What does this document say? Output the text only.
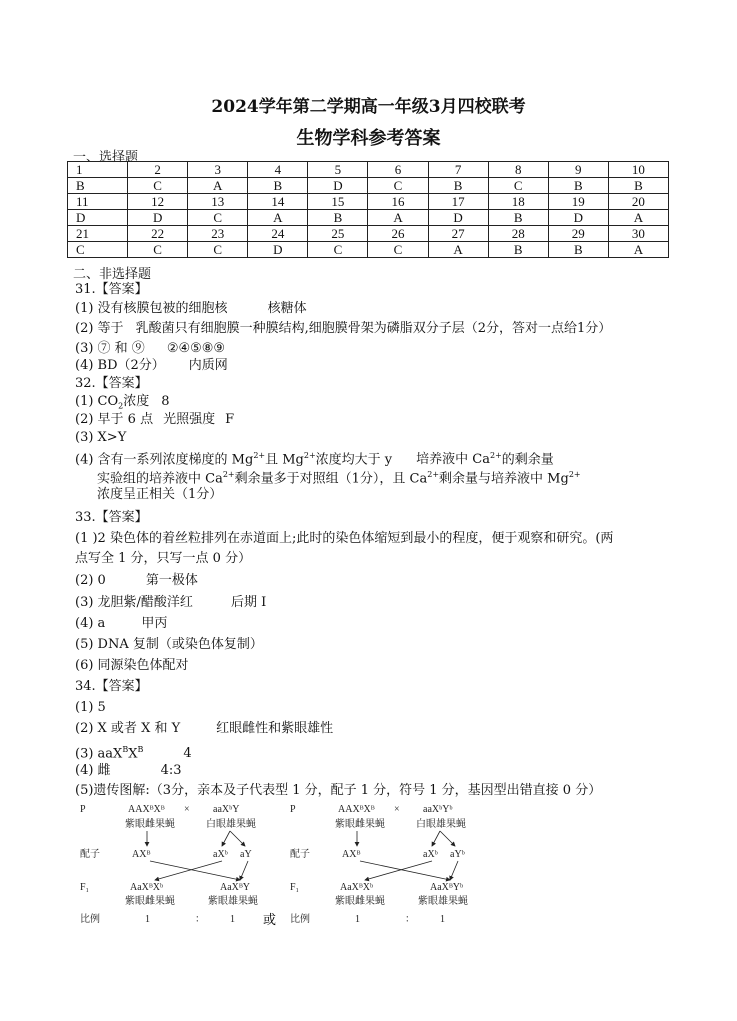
2024学年第二学期高一年级3月四校联考
生物学科参考答案
一、选择题
1	2	3	4	5	6	7	8	9	10
B	C	A	B	D	C	B	C	B	B
11	12	13	14	15	16	17	18	19	20
D	D	C	A	B	A	D	B	D	A
21	22	23	24	25	26	27	28	29	30
C	C	C	D	C	C	A	B	B	A
二、非选择题
31.【答案】
(1) 没有核膜包被的细胞核	核糖体
(2) 等于 乳酸菌只有细胞膜一种膜结构,细胞膜骨架为磷脂双分子层（2分，答对一点给1分）
(3) ⑦ 和 ⑨ ②④⑤⑧⑨
(4) BD（2分） 内质网
32.【答案】
(1) $CO_2$浓度 8
(2) 早于 6 点 光照强度 F
(3) X>Y
(4) 含有一系列浓度梯度的 $Mg^{2+}$且 $Mg^{2+}$浓度均大于 y 培养液中 $Ca^{2+}$的剩余量
实验组的培养液中 $Ca^{2+}$剩余量多于对照组（1分），且 $Ca^{2+}$剩余量与培养液中 $Mg^{2+}$
浓度呈正相关（1分）
33.【答案】
(1 )2 染色体的着丝粒排列在赤道面上;此时的染色体缩短到最小的程度，便于观察和研究。(两
点写全 1 分，只写一点 0 分）
(2) 0	第一极体
(3) 龙胆紫/醋酸洋红	后期 I
(4) a	甲丙
(5) DNA 复制（或染色体复制）
(6) 同源染色体配对
34.【答案】
(1) 5
(2) X 或者 X 和 Y	红眼雌性和紫眼雄性
(3) $aaX^BX^B$	4
(4) 雌	4:3
(5)遗传图解:（3分，亲本及子代表型 1 分，配子 1 分，符号 1 分，基因型出错直接 0 分）
P	AAXᴮXᴮ × aaXᵇY
紫眼雌果蝇	白眼雄果蝇
配子	AXᴮ	aXᵇ aY
F₁	AaXᴮXᵇ	AaXᴮY
紫眼雌果蝇	紫眼雄果蝇
比例	1	：	1 或
P	AAXᴮXᴮ × aaXᵇYᵇ
紫眼雌果蝇	白眼雄果蝇
配子	AXᴮ	aXᵇ aYᵇ
F₁	AaXᴮXᵇ	AaXᴮYᵇ
紫眼雌果蝇	紫眼雄果蝇
比例	1	：	1
